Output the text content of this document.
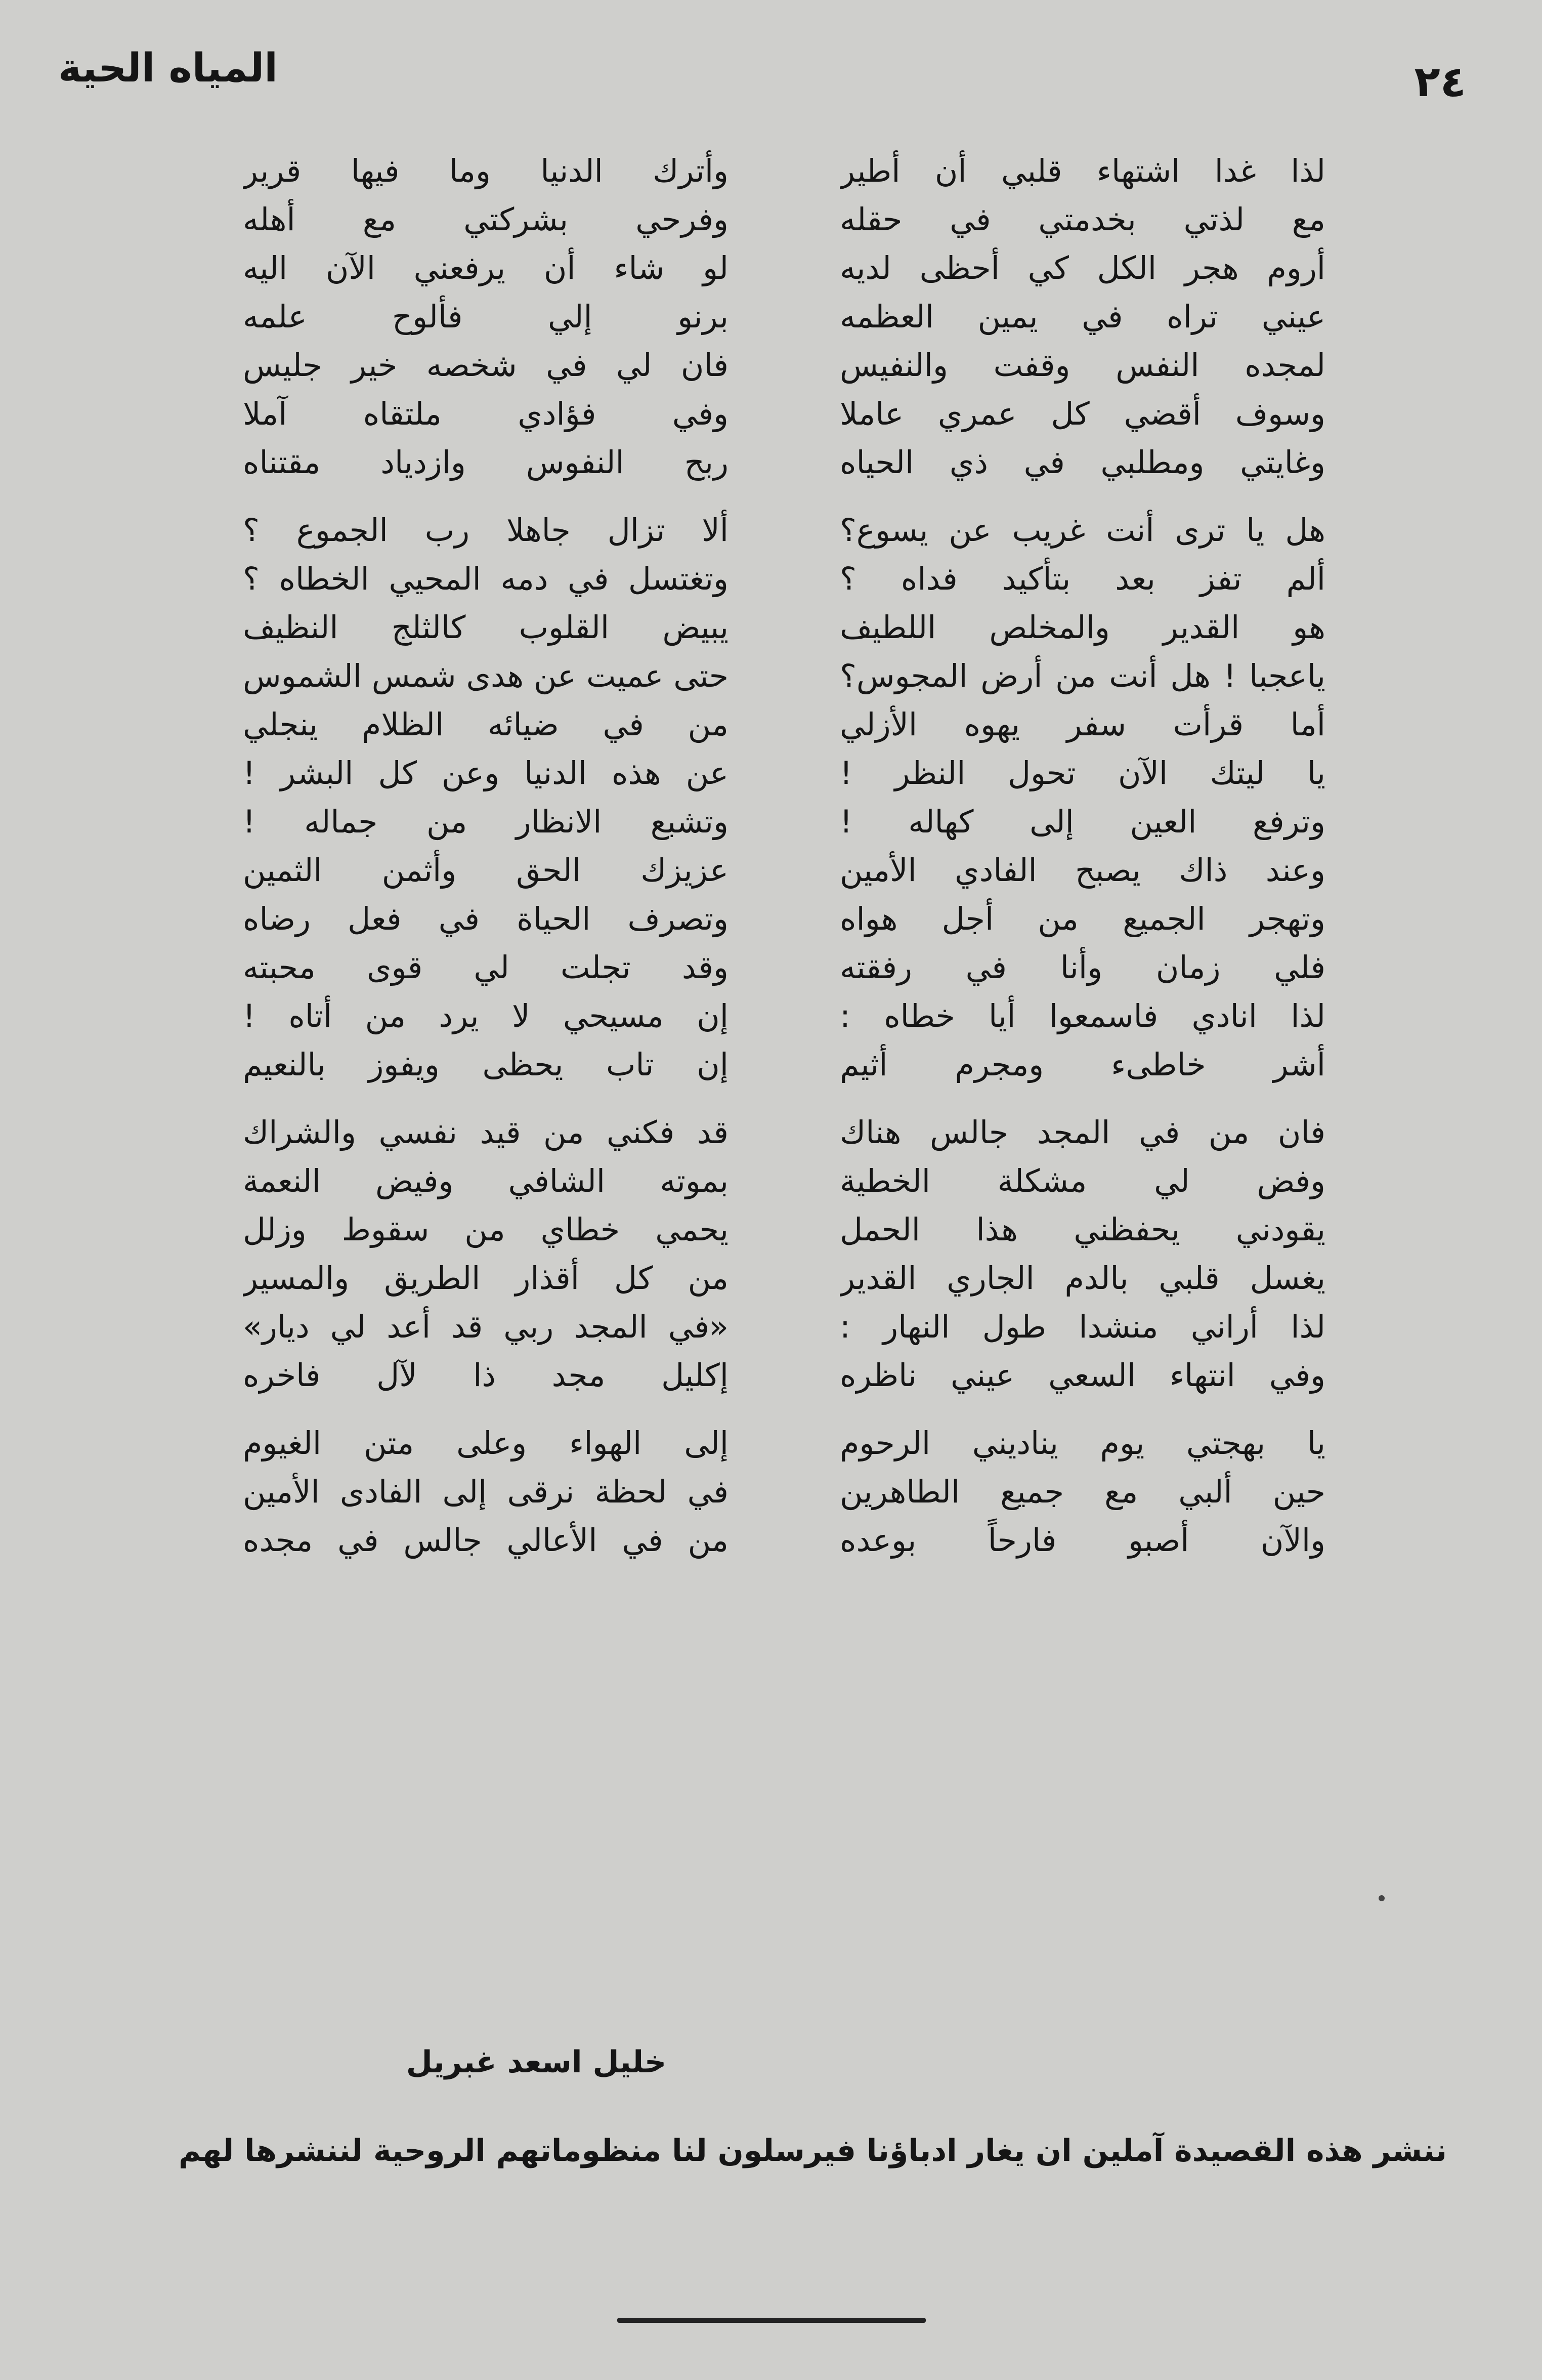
٢٤
المياه الحية
لذا غدا اشتهاء قلبي أن أطير
مع لذتي بخدمتي في حقله
أروم هجر الكل كي أحظى لديه
عيني تراه في يمين العظمه
لمجده النفس وقفت والنفيس
وسوف أقضي كل عمري عاملا
وغايتي ومطلبي في ذي الحياه
هل يا ترى أنت غريب عن يسوع؟
ألم تفز بعد بتأكيد فداه ؟
هو القدير والمخلص اللطيف
ياعجبا ! هل أنت من أرض المجوس؟
أما قرأت سفر يهوه الأزلي
يا ليتك الآن تحول النظر !
وترفع العين إلى كهاله !
وعند ذاك يصبح الفادي الأمين
وتهجر الجميع من أجل هواه
فلي زمان وأنا في رفقته
لذا انادي فاسمعوا أيا خطاه :
أشر خاطىء ومجرم أثيم
فان من في المجد جالس هناك
وفض لي مشكلة الخطية
يقودني يحفظني هذا الحمل
يغسل قلبي بالدم الجاري القدير
لذا أراني منشدا طول النهار :
وفي انتهاء السعي عيني ناظره
يا بهجتي يوم يناديني الرحوم
حين ألبي مع جميع الطاهرين
والآن أصبو فارحاً بوعده
وأترك الدنيا وما فيها قرير
وفرحي بشركتي مع أهله
لو شاء أن يرفعني الآن اليه
برنو إلي فألوح علمه
فان لي في شخصه خير جليس
وفي فؤادي ملتقاه آملا
ربح النفوس وازدياد مقتناه
ألا تزال جاهلا رب الجموع ؟
وتغتسل في دمه المحيي الخطاه ؟
يبيض القلوب كالثلج النظيف
حتى عميت عن هدى شمس الشموس
من في ضيائه الظلام ينجلي
عن هذه الدنيا وعن كل البشر !
وتشبع الانظار من جماله !
عزيزك الحق وأثمن الثمين
وتصرف الحياة في فعل رضاه
وقد تجلت لي قوى محبته
إن مسيحي لا يرد من أتاه !
إن تاب يحظى ويفوز بالنعيم
قد فكني من قيد نفسي والشراك
بموته الشافي وفيض النعمة
يحمي خطاي من سقوط وزلل
من كل أقذار الطريق والمسير
«في المجد ربي قد أعد لي ديار»
إكليل مجد ذا لآل فاخره
إلى الهواء وعلى متن الغيوم
في لحظة نرقى إلى الفادى الأمين
من في الأعالي جالس في مجده
خليل اسعد غبريل
ننشر هذه القصيدة آملين ان يغار ادباؤنا فيرسلون لنا منظوماتهم الروحية لننشرها لهم
